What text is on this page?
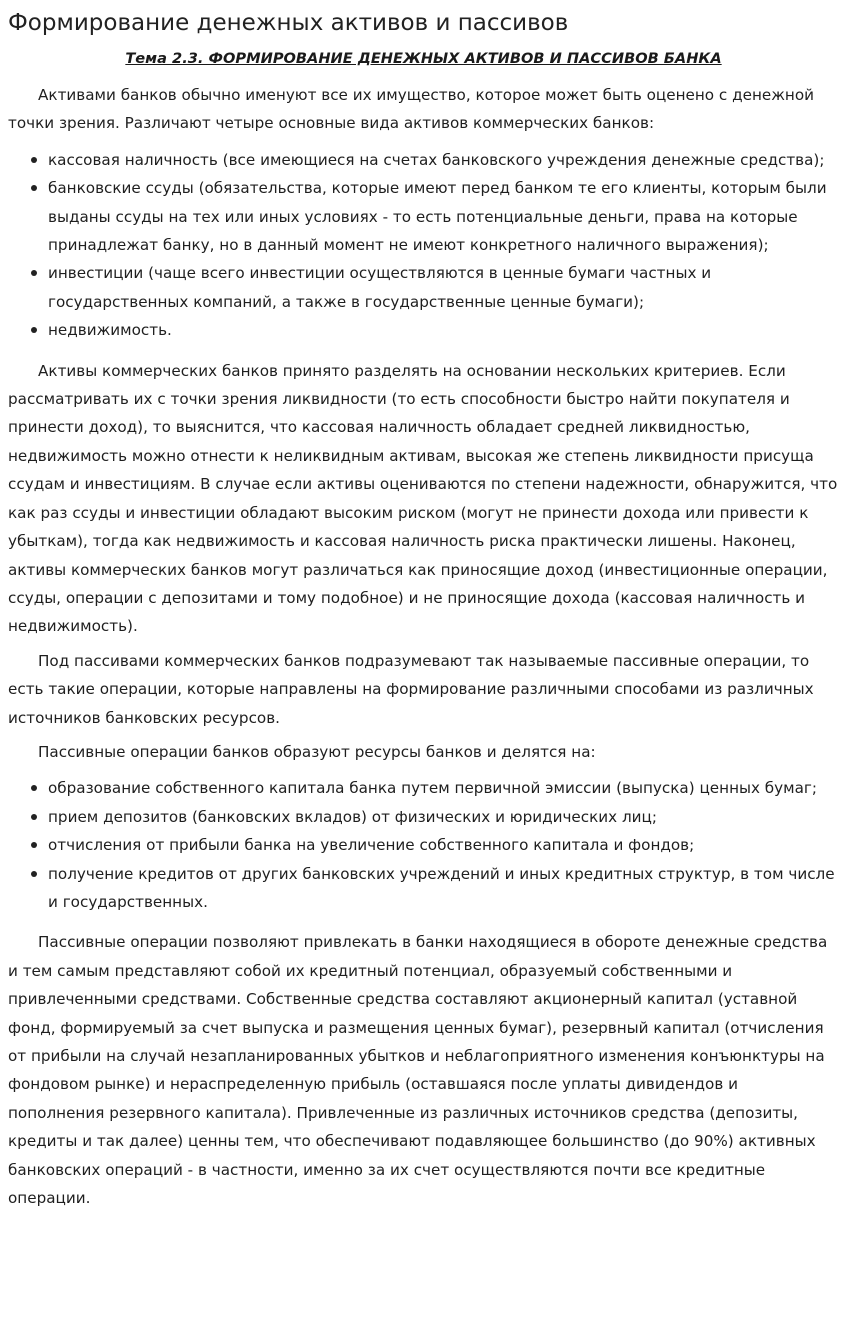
Формирование денежных активов и пассивов
Тема 2.3. ФОРМИРОВАНИЕ ДЕНЕЖНЫХ АКТИВОВ И ПАССИВОВ БАНКА

Активами банков обычно именуют все их имущество, которое может быть оценено с денежной точки зрения. Различают четыре основные вида активов коммерческих банков:

кассовая наличность (все имеющиеся на счетах банковского учреждения денежные средства);
банковские ссуды (обязательства, которые имеют перед банком те его клиенты, которым были выданы ссуды на тех или иных условиях - то есть потенциальные деньги, права на которые принадлежат банку, но в данный момент не имеют конкретного наличного выражения);
инвестиции (чаще всего инвестиции осуществляются в ценные бумаги частных и государственных компаний, а также в государственные ценные бумаги);
недвижимость.

Активы коммерческих банков принято разделять на основании нескольких критериев. Если рассматривать их с точки зрения ликвидности (то есть способности быстро найти покупателя и принести доход), то выяснится, что кассовая наличность обладает средней ликвидностью, недвижимость можно отнести к неликвидным активам, высокая же степень ликвидности присуща ссудам и инвестициям. В случае если активы оцениваются по степени надежности, обнаружится, что как раз ссуды и инвестиции обладают высоким риском (могут не принести дохода или привести к убыткам), тогда как недвижимость и кассовая наличность риска практически лишены. Наконец, активы коммерческих банков могут различаться как приносящие доход (инвестиционные операции, ссуды, операции с депозитами и тому подобное) и не приносящие дохода (кассовая наличность и недвижимость).

Под пассивами коммерческих банков подразумевают так называемые пассивные операции, то есть такие операции, которые направлены на формирование различными способами из различных источников банковских ресурсов.

Пассивные операции банков образуют ресурсы банков и делятся на:

образование собственного капитала банка путем первичной эмиссии (выпуска) ценных бумаг;
прием депозитов (банковских вкладов) от физических и юридических лиц;
отчисления от прибыли банка на увеличение собственного капитала и фондов;
получение кредитов от других банковских учреждений и иных кредитных структур, в том числе и государственных.

Пассивные операции позволяют привлекать в банки находящиеся в обороте денежные средства и тем самым представляют собой их кредитный потенциал, образуемый собственными и привлеченными средствами. Собственные средства составляют акционерный капитал (уставной фонд, формируемый за счет выпуска и размещения ценных бумаг), резервный капитал (отчисления от прибыли на случай незапланированных убытков и неблагоприятного изменения конъюнктуры на фондовом рынке) и нераспределенную прибыль (оставшаяся после уплаты дивидендов и пополнения резервного капитала). Привлеченные из различных источников средства (депозиты, кредиты и так далее) ценны тем, что обеспечивают подавляющее большинство (до 90%) активных банковских операций - в частности, именно за их счет осуществляются почти все кредитные операции.
